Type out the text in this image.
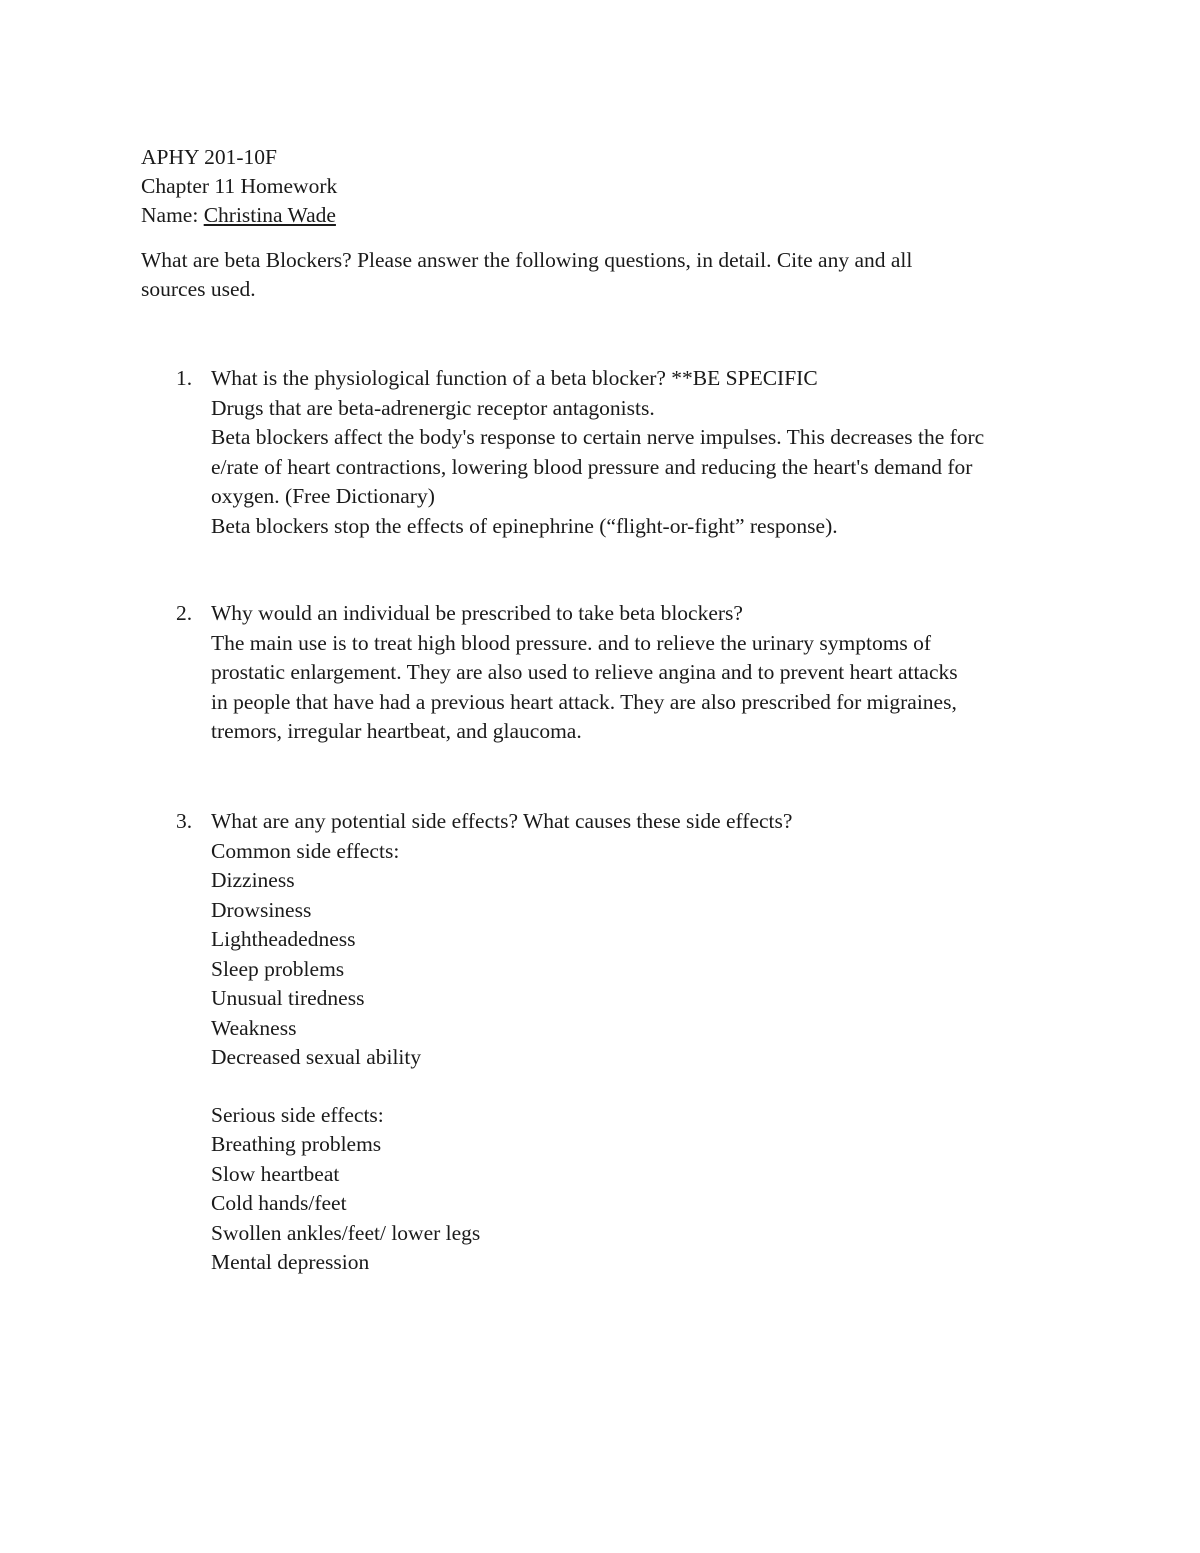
APHY 201-10F
Chapter 11 Homework
Name: Christina Wade
What are beta Blockers? Please answer the following questions, in detail. Cite any and all
sources used.
1. What is the physiological function of a beta blocker? **BE SPECIFIC
Drugs that are beta-adrenergic receptor antagonists.
Beta blockers affect the body's response to certain nerve impulses. This decreases the forc
e/rate of heart contractions, lowering blood pressure and reducing the heart's demand for
oxygen. (Free Dictionary)
Beta blockers stop the effects of epinephrine (“flight-or-fight” response).
2. Why would an individual be prescribed to take beta blockers?
The main use is to treat high blood pressure. and to relieve the urinary symptoms of
prostatic enlargement. They are also used to relieve angina and to prevent heart attacks
in people that have had a previous heart attack. They are also prescribed for migraines,
tremors, irregular heartbeat, and glaucoma.
3. What are any potential side effects? What causes these side effects?
Common side effects:
Dizziness
Drowsiness
Lightheadedness
Sleep problems
Unusual tiredness
Weakness
Decreased sexual ability
Serious side effects:
Breathing problems
Slow heartbeat
Cold hands/feet
Swollen ankles/feet/ lower legs
Mental depression
